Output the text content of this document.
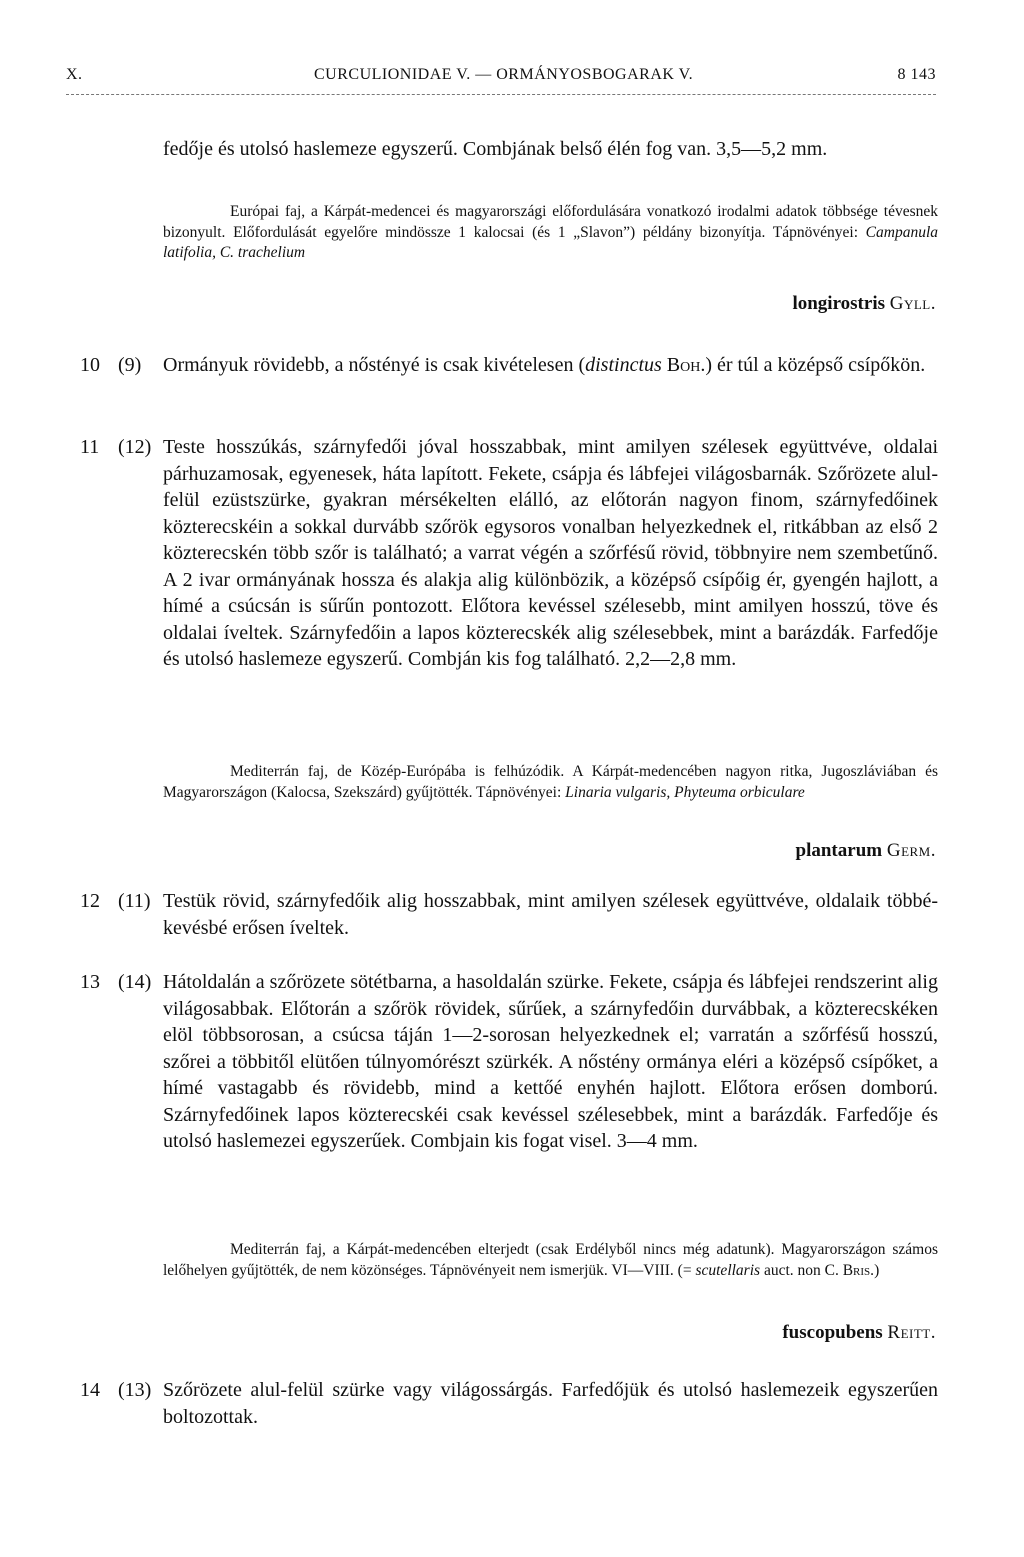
X.	CURCULIONIDAE V. — ORMÁNYOSBOGARAK V.	8 143
fedője és utolsó haslemeze egyszerű. Combjának belső élén fog van. 3,5—5,2 mm.
Európai faj, a Kárpát-medencei és magyarországi előfordulására vonatkozó irodalmi adatok többsége tévesnek bizonyult. Előfordulását egyelőre mindössze 1 kalocsai (és 1 „Slavon”) példány bizonyítja. Tápnövényei: Campanula latifolia, C. trachelium
longirostris Gyll.
10 (9) Ormányuk rövidebb, a nőstényé is csak kivételesen (distinctus Boh.) ér túl a középső csípőkön.
11 (12) Teste hosszúkás, szárnyfedői jóval hosszabbak, mint amilyen szélesek együttvéve, oldalai párhuzamosak, egyenesek, háta lapított. Fekete, csápja és lábfejei világosbarnák. Szőrözete alul-felül ezüstszürke, gyakran mérsékelten elálló, az előtorán nagyon finom, szárnyfedőinek közterecskéin a sokkal durvább szőrök egysoros vonalban helyezkednek el, ritkábban az első 2 közterecskén több szőr is található; a varrat végén a szőrfésű rövid, többnyire nem szembetűnő. A 2 ivar ormányának hossza és alakja alig különbözik, a középső csípőig ér, gyengén hajlott, a hímé a csúcsán is sűrűn pontozott. Előtora kevéssel szélesebb, mint amilyen hosszú, töve és oldalai íveltek. Szárnyfedőin a lapos közterecskék alig szélesebbek, mint a barázdák. Farfedője és utolsó haslemeze egyszerű. Combján kis fog található. 2,2—2,8 mm.
Mediterrán faj, de Közép-Európába is felhúzódik. A Kárpát-medencében nagyon ritka, Jugoszláviában és Magyarországon (Kalocsa, Szekszárd) gyűjtötték. Tápnövényei: Linaria vulgaris, Phyteuma orbiculare
plantarum Germ.
12 (11) Testük rövid, szárnyfedőik alig hosszabbak, mint amilyen szélesek együttvéve, oldalaik többé-kevésbé erősen íveltek.
13 (14) Hátoldalán a szőrözete sötétbarna, a hasoldalán szürke. Fekete, csápja és lábfejei rendszerint alig világosabbak. Előtorán a szőrök rövidek, sűrűek, a szárnyfedőin durvábbak, a közterecskéken elöl többsorosan, a csúcsa táján 1—2-sorosan helyezkednek el; varratán a szőrfésű hosszú, szőrei a többitől elütően túlnyomórészt szürkék. A nőstény ormánya eléri a középső csípőket, a hímé vastagabb és rövidebb, mind a kettőé enyhén hajlott. Előtora erősen domború. Szárnyfedőinek lapos közterecskéi csak kevéssel szélesebbek, mint a barázdák. Farfedője és utolsó haslemezei egyszerűek. Combjain kis fogat visel. 3—4 mm.
Mediterrán faj, a Kárpát-medencében elterjedt (csak Erdélyből nincs még adatunk). Magyarországon számos lelőhelyen gyűjtötték, de nem közönséges. Tápnövényeit nem ismerjük. VI—VIII. (= scutellaris auct. non C. Bris.)
fuscopubens Reitt.
14 (13) Szőrözete alul-felül szürke vagy világossárgás. Farfedőjük és utolsó haslemezeik egyszerűen boltozottak.
